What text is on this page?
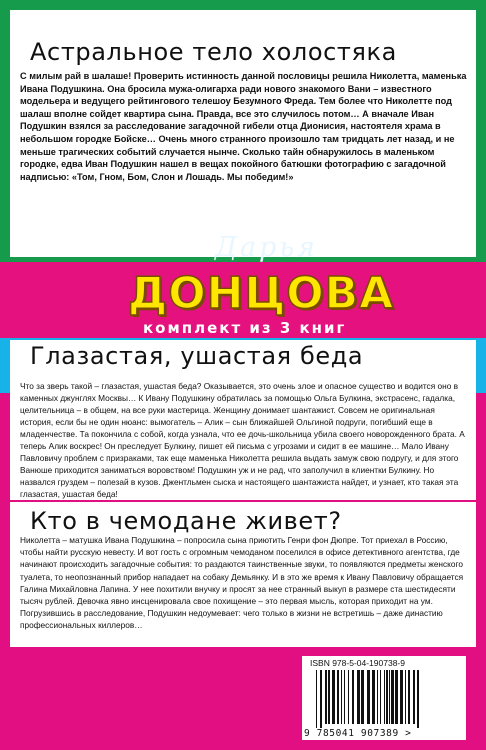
Астральное тело холостяка

С милым рай в шалаше! Проверить истинность данной пословицы решила Николетта, маменька Ивана Подушкина. Она бросила мужа-олигарха ради нового знакомого Вани – известного модельера и ведущего рейтингового телешоу Безумного Фреда. Тем более что Николетте под шалаш вполне сойдет квартира сына. Правда, все это случилось потом… А вначале Иван Подушкин взялся за расследование загадочной гибели отца Дионисия, настоятеля храма в небольшом городке Бойске… Очень много странного произошло там тридцать лет назад, и не меньше трагических событий случается нынче. Сколько тайн обнаружилось в маленьком городке, едва Иван Подушкин нашел в вещах покойного батюшки фотографию с загадочной надписью: «Том, Гном, Бом, Слон и Лошадь. Мы победим!»

Дарья
ДОНЦОВА
комплект из 3 книг
Глазастая, ушастая беда

Что за зверь такой – глазастая, ушастая беда? Оказывается, это очень злое и опасное существо и водится оно в каменных джунглях Москвы… К Ивану Подушкину обратилась за помощью Ольга Булкина, экстрасенс, гадалка, целительница – в общем, на все руки мастерица. Женщину донимает шантажист. Совсем не оригинальная история, если бы не один нюанс: вымогатель – Алик – сын ближайшей Ольгиной подруги, погибший еще в младенчестве. Та покончила с собой, когда узнала, что ее дочь-школьница убила своего новорожденного брата. А теперь Алик воскрес! Он преследует Булкину, пишет ей письма с угрозами и сидит в ее машине… Мало Ивану Павловичу проблем с призраками, так еще маменька Николетта решила выдать замуж свою подругу, и для этого Ванюше приходится заниматься воровством! Подушкин уж и не рад, что заполучил в клиентки Булкину. Но назвался груздем – полезай в кузов. Джентльмен сыска и настоящего шантажиста найдет, и узнает, кто такая эта глазастая, ушастая беда!

Кто в чемодане живет?

Николетта – матушка Ивана Подушкина – попросила сына приютить Генри фон Дюпре. Тот приехал в Россию, чтобы найти русскую невесту. И вот гость с огромным чемоданом поселился в офисе детективного агентства, где начинают происходить загадочные события: то раздаются таинственные звуки, то появляются предметы женского туалета, то неопознанный прибор нападает на собаку Демьянку. И в это же время к Ивану Павловичу обращается Галина Михайловна Лапина. У нее похитили внучку и просят за нее странный выкуп в размере ста шестидесяти тысяч рублей. Девочка явно инсценировала свое похищение – это первая мысль, которая приходит на ум. Погрузившись в расследование, Подушкин недоумевает: чего только в жизни не встретишь – даже династию профессиональных киллеров…

ISBN 978-5-04-190738-9

9 785041 907389 >
